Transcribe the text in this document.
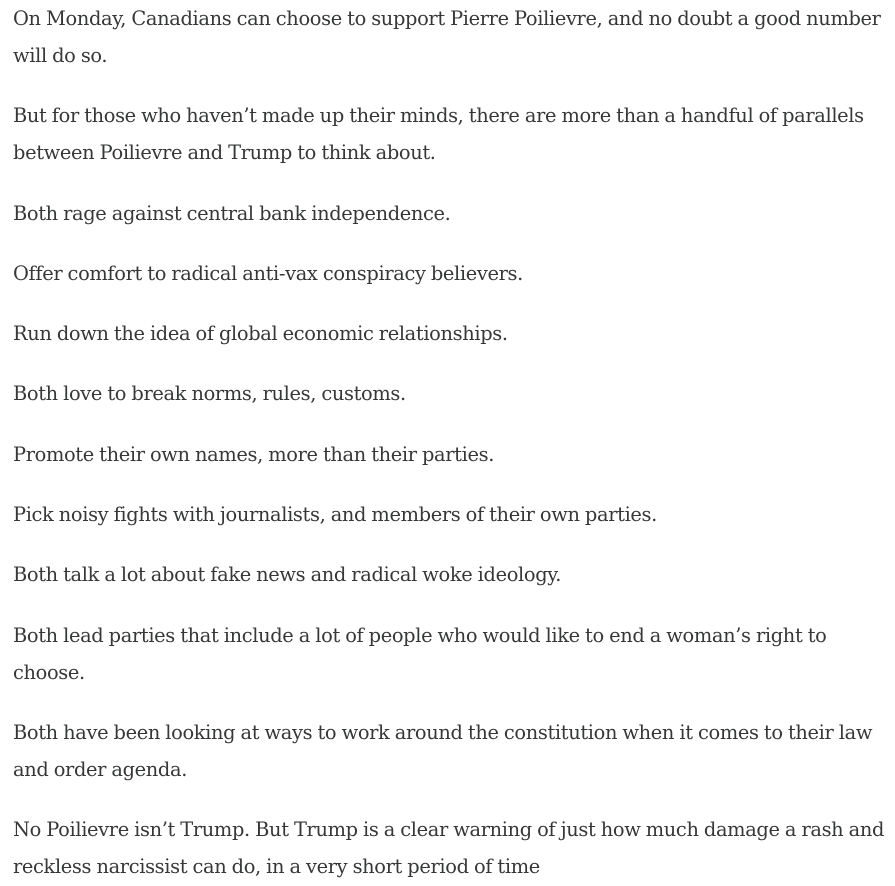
On Monday, Canadians can choose to support Pierre Poilievre, and no doubt a good number will do so.

But for those who haven’t made up their minds, there are more than a handful of parallels between Poilievre and Trump to think about.

Both rage against central bank independence.

Offer comfort to radical anti-vax conspiracy believers.

Run down the idea of global economic relationships.

Both love to break norms, rules, customs.

Promote their own names, more than their parties.

Pick noisy fights with journalists, and members of their own parties.

Both talk a lot about fake news and radical woke ideology.

Both lead parties that include a lot of people who would like to end a woman’s right to choose.

Both have been looking at ways to work around the constitution when it comes to their law and order agenda.

No Poilievre isn’t Trump. But Trump is a clear warning of just how much damage a rash and reckless narcissist can do, in a very short period of time
